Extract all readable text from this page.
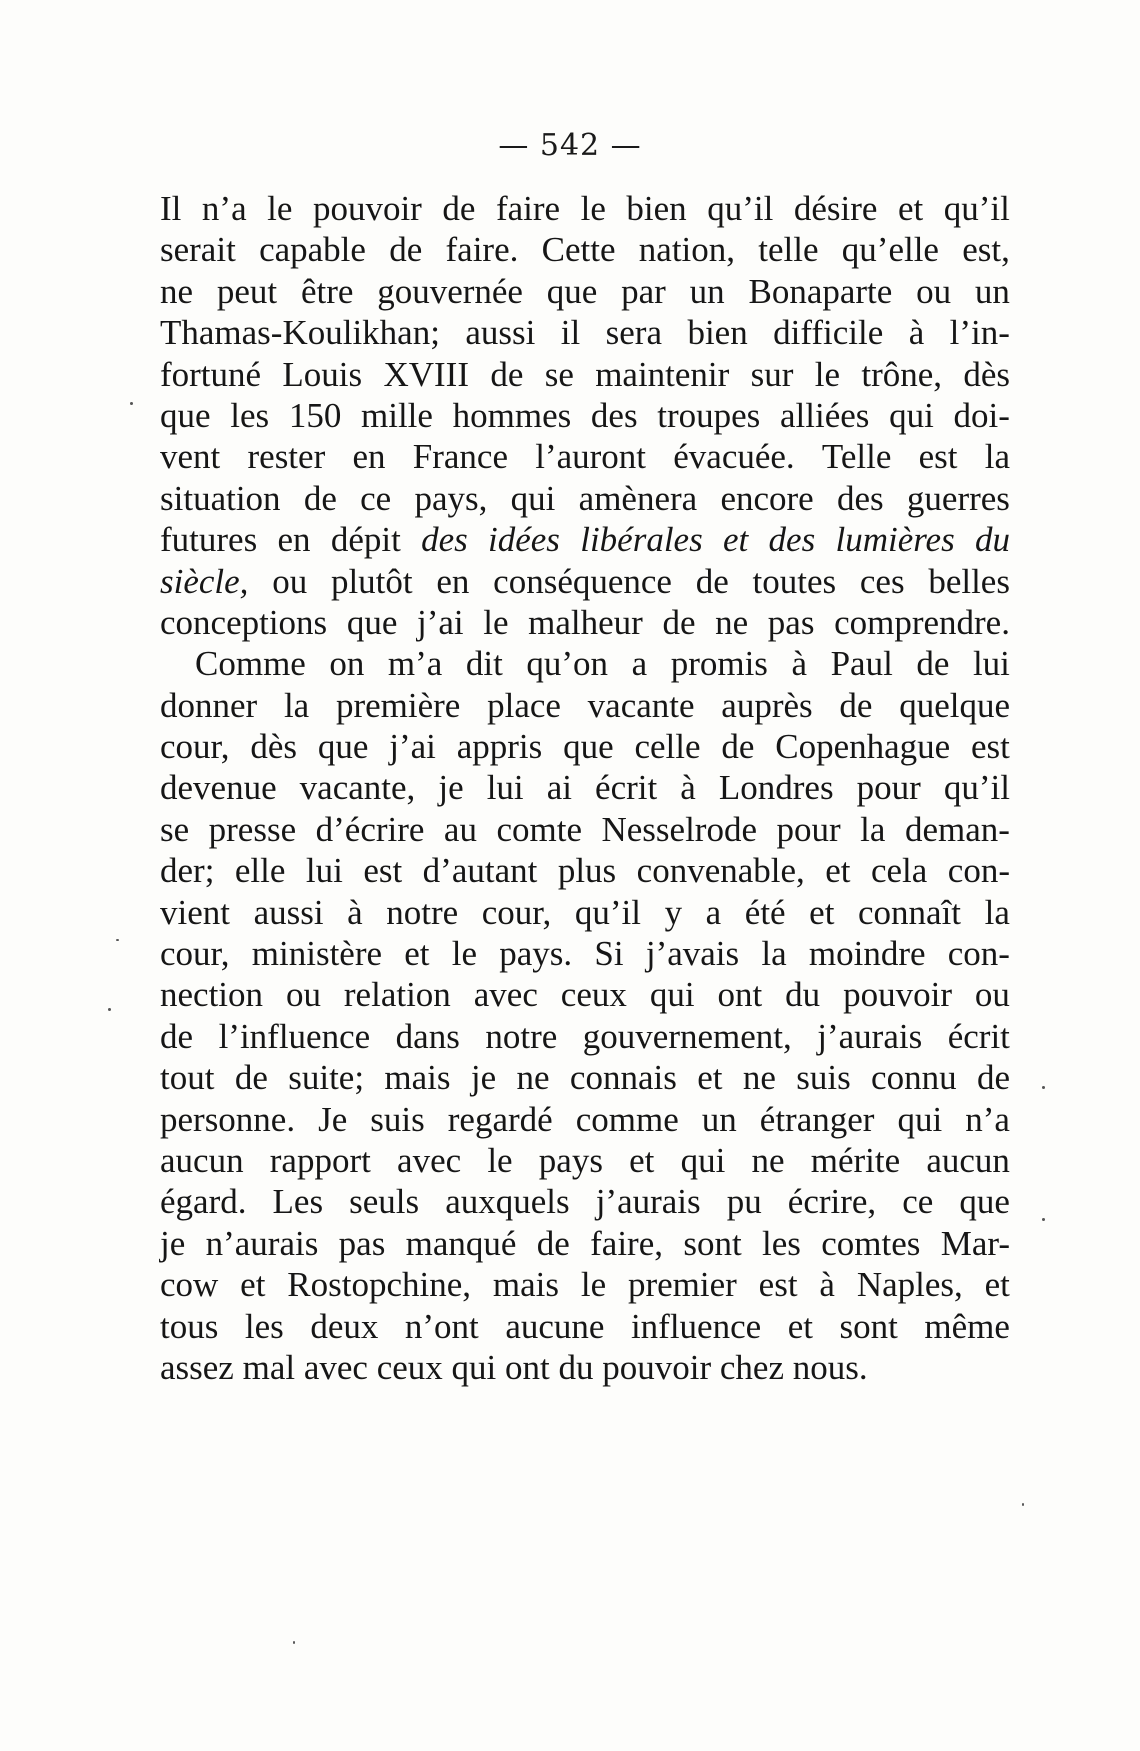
— 542 —
Il n’a le pouvoir de faire le bien qu’il désire et qu’il
serait capable de faire. Cette nation, telle qu’elle est,
ne peut être gouvernée que par un Bonaparte ou un
Thamas-Koulikhan; aussi il sera bien difficile à l’in-
fortuné Louis XVIII de se maintenir sur le trône, dès
que les 150 mille hommes des troupes alliées qui doi-
vent rester en France l’auront évacuée. Telle est la
situation de ce pays, qui amènera encore des guerres
futures en dépit des idées libérales et des lumières du
siècle, ou plutôt en conséquence de toutes ces belles
conceptions que j’ai le malheur de ne pas comprendre.
Comme on m’a dit qu’on a promis à Paul de lui
donner la première place vacante auprès de quelque
cour, dès que j’ai appris que celle de Copenhague est
devenue vacante, je lui ai écrit à Londres pour qu’il
se presse d’écrire au comte Nesselrode pour la deman-
der; elle lui est d’autant plus convenable, et cela con-
vient aussi à notre cour, qu’il y a été et connaît la
cour, ministère et le pays. Si j’avais la moindre con-
nection ou relation avec ceux qui ont du pouvoir ou
de l’influence dans notre gouvernement, j’aurais écrit
tout de suite; mais je ne connais et ne suis connu de
personne. Je suis regardé comme un étranger qui n’a
aucun rapport avec le pays et qui ne mérite aucun
égard. Les seuls auxquels j’aurais pu écrire, ce que
je n’aurais pas manqué de faire, sont les comtes Mar-
cow et Rostopchine, mais le premier est à Naples, et
tous les deux n’ont aucune influence et sont même
assez mal avec ceux qui ont du pouvoir chez nous.
